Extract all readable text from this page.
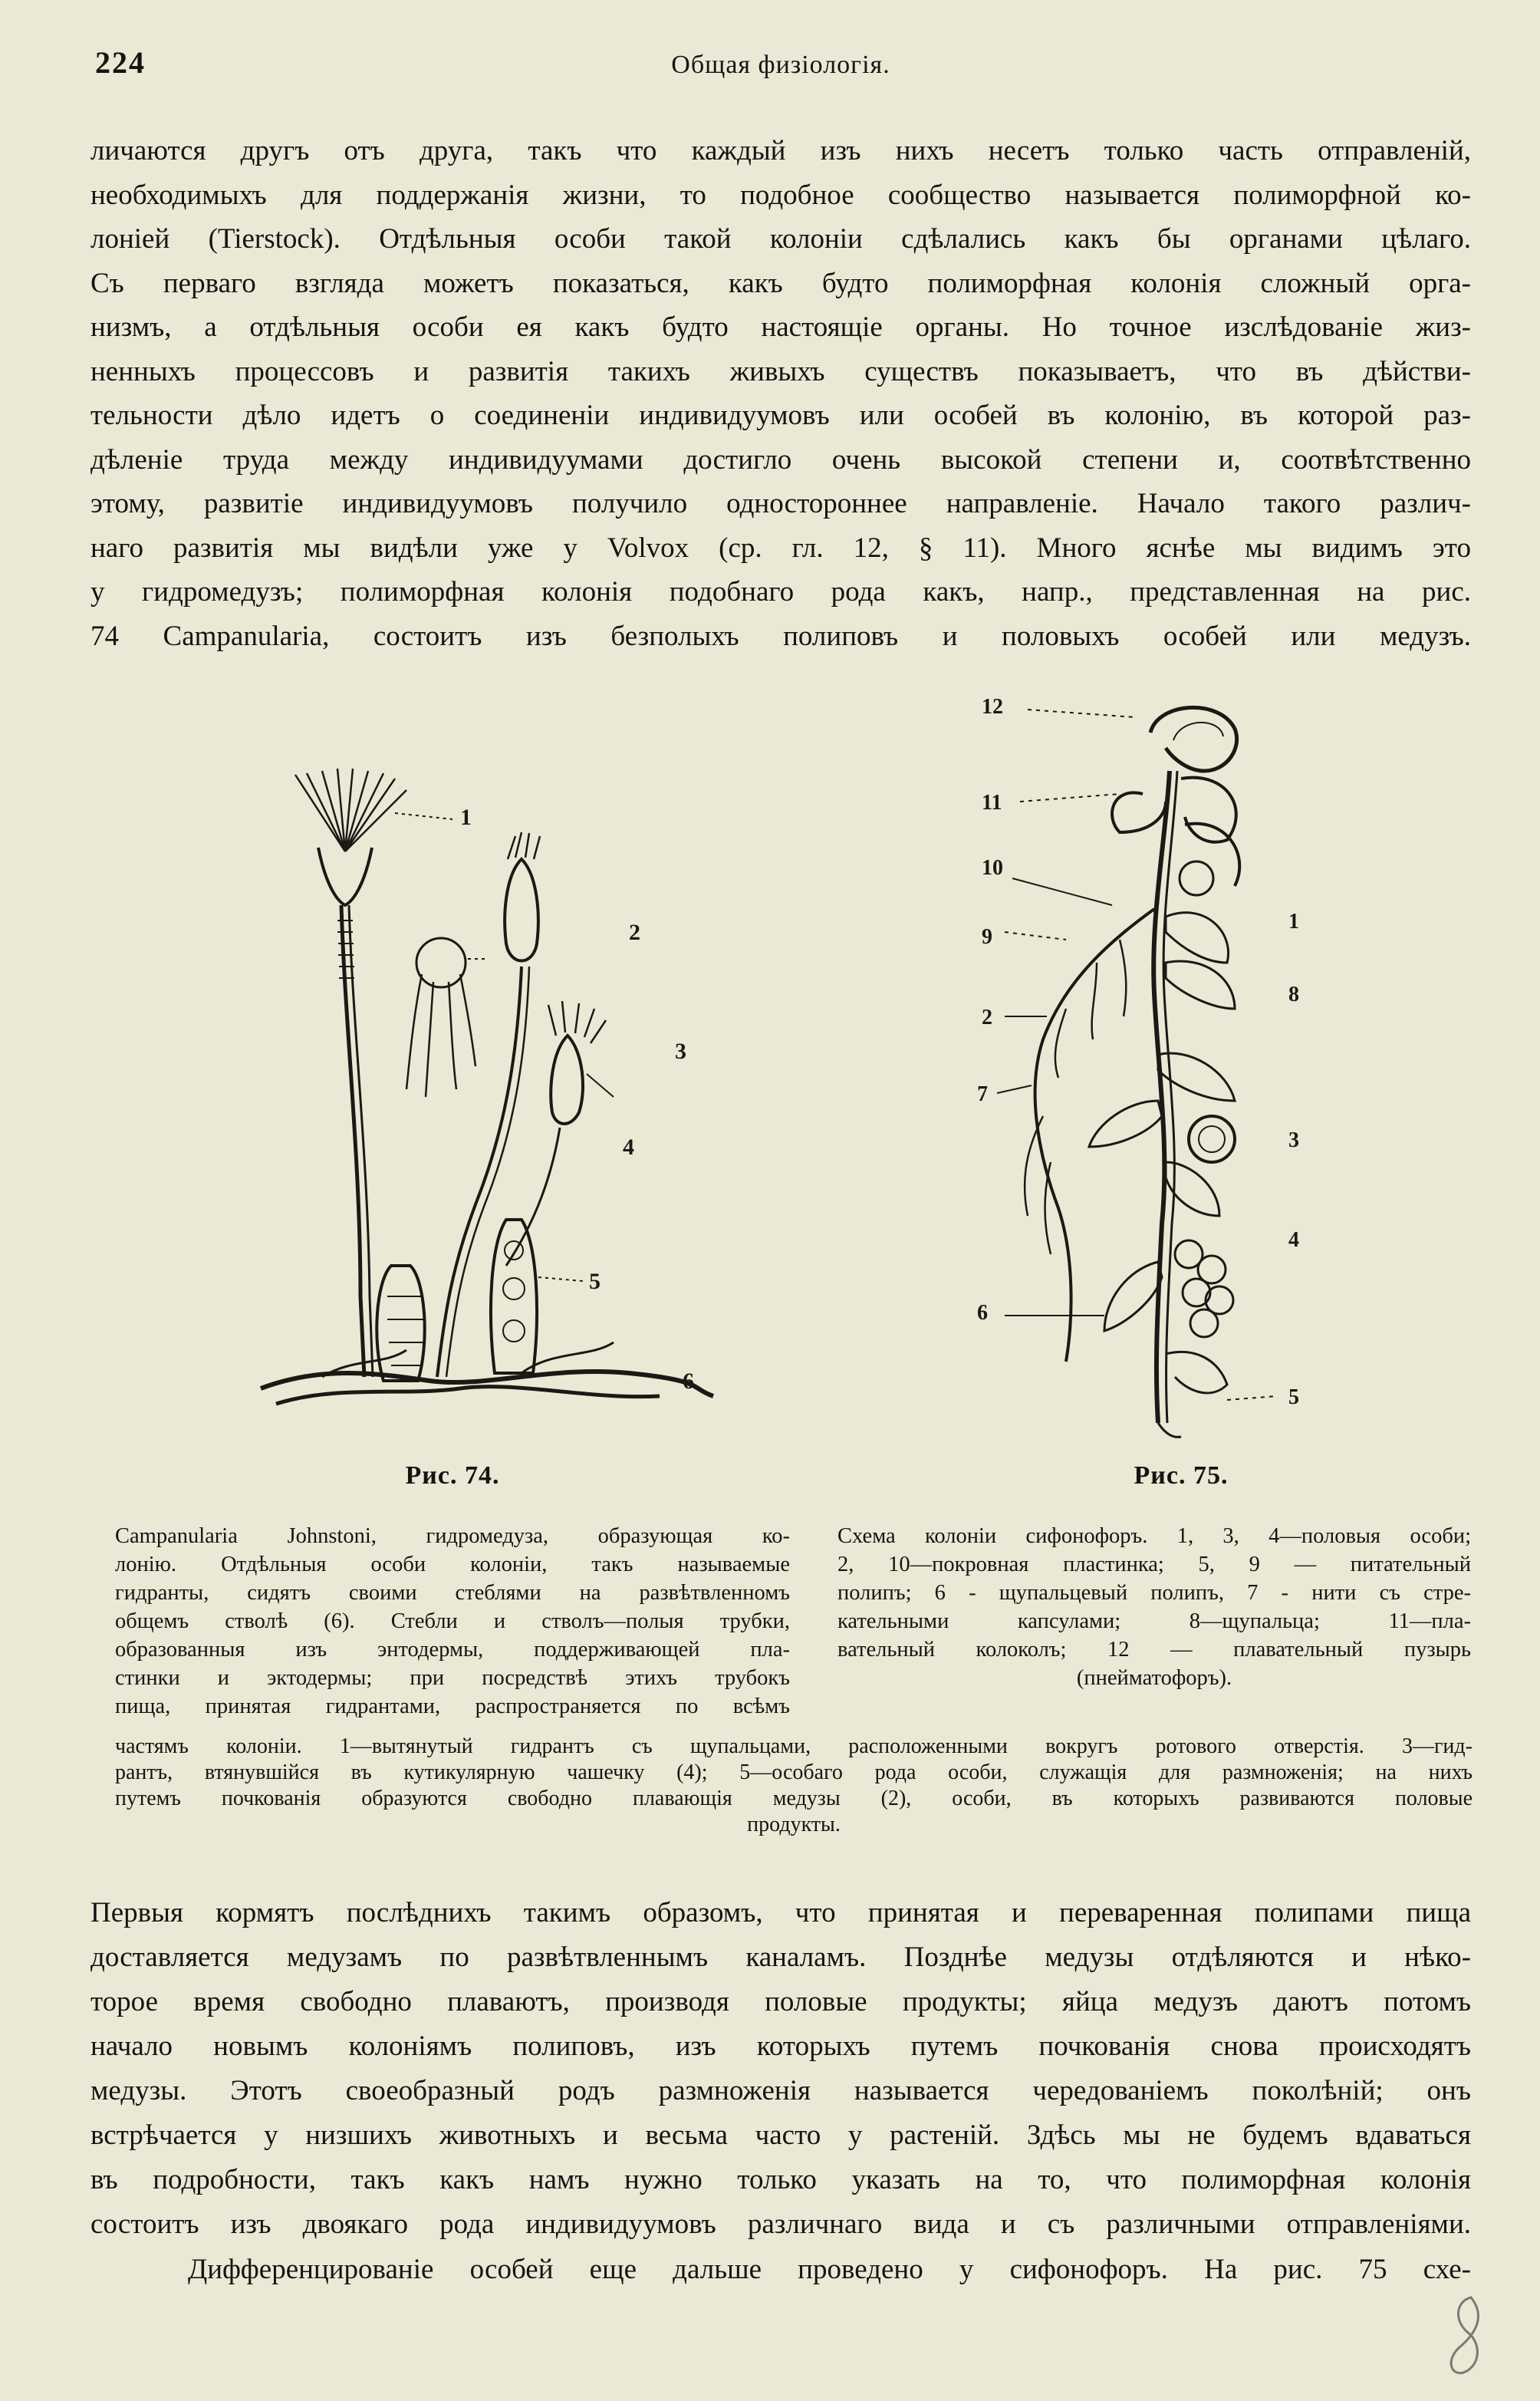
224	Общая физіологія.
личаются другъ отъ друга, такъ что каждый изъ нихъ несетъ только часть отправленій,
необходимыхъ для поддержанія жизни, то подобное сообщество называется полиморфной ко-
лоніей (Tierstock). Отдѣльныя особи такой колоніи сдѣлались какъ бы органами цѣлаго.
Съ перваго взгляда можетъ показаться, какъ будто полиморфная колонія сложный орга-
низмъ, а отдѣльныя особи ея какъ будто настоящіе органы. Но точное изслѣдованіе жиз-
ненныхъ процессовъ и развитія такихъ живыхъ существъ показываетъ, что въ дѣйстви-
тельности дѣло идетъ о соединеніи индивидуумовъ или особей въ колонію, въ которой раз-
дѣленіе труда между индивидуумами достигло очень высокой степени и, соотвѣтственно
этому, развитіе индивидуумовъ получило одностороннее направленіе. Начало такого различ-
наго развитія мы видѣли уже у Volvox (ср. гл. 12, § 11). Много яснѣе мы видимъ это
у гидромедузъ; полиморфная колонія подобнаго рода какъ, напр., представленная на рис.
74 Campanularia, состоитъ изъ безполыхъ полиповъ и половыхъ особей или медузъ.
1
2
3
4
5
6
12
11
10
9
8
7
6
5
4
3
2
1
Рис. 74.	Рис. 75.
Campanularia Johnstoni, гидромедуза, образующая ко-
лонію. Отдѣльныя особи колоніи, такъ называемые
гидранты, сидятъ своими стеблями на развѣтвленномъ
общемъ стволѣ (6). Стебли и стволъ—полыя трубки,
образованныя изъ энтодермы, поддерживающей пла-
стинки и эктодермы; при посредствѣ этихъ трубокъ
пища, принятая гидрантами, распространяется по всѣмъ
Схема колоніи сифонофоръ. 1, 3, 4—половыя особи;
2, 10—покровная пластинка; 5, 9 — питательный
полипъ; 6 - щупальцевый полипъ, 7 - нити съ стре-
кательными капсулами; 8—щупальца; 11—пла-
вательный колоколъ; 12 — плавательный пузырь
(пнейматофоръ).
частямъ колоніи. 1—вытянутый гидрантъ съ щупальцами, расположенными вокругъ ротового отверстія. 3—гид-
рантъ, втянувшійся въ кутикулярную чашечку (4); 5—особаго рода особи, служащія для размноженія; на нихъ
путемъ почкованія образуются свободно плавающія медузы (2), особи, въ которыхъ развиваются половые
продукты.
Первыя кормятъ послѣднихъ такимъ образомъ, что принятая и переваренная полипами пища
доставляется медузамъ по развѣтвленнымъ каналамъ. Позднѣе медузы отдѣляются и нѣко-
торое время свободно плаваютъ, производя половые продукты; яйца медузъ даютъ потомъ
начало новымъ колоніямъ полиповъ, изъ которыхъ путемъ почкованія снова происходятъ
медузы. Этотъ своеобразный родъ размноженія называется чередованіемъ поколѣній; онъ
встрѣчается у низшихъ животныхъ и весьма часто у растеній. Здѣсь мы не будемъ вдаваться
въ подробности, такъ какъ намъ нужно только указать на то, что полиморфная колонія
состоитъ изъ двоякаго рода индивидуумовъ различнаго вида и съ различными отправленіями.
Дифференцированіе особей еще дальше проведено у сифонофоръ. На рис. 75 схе-
